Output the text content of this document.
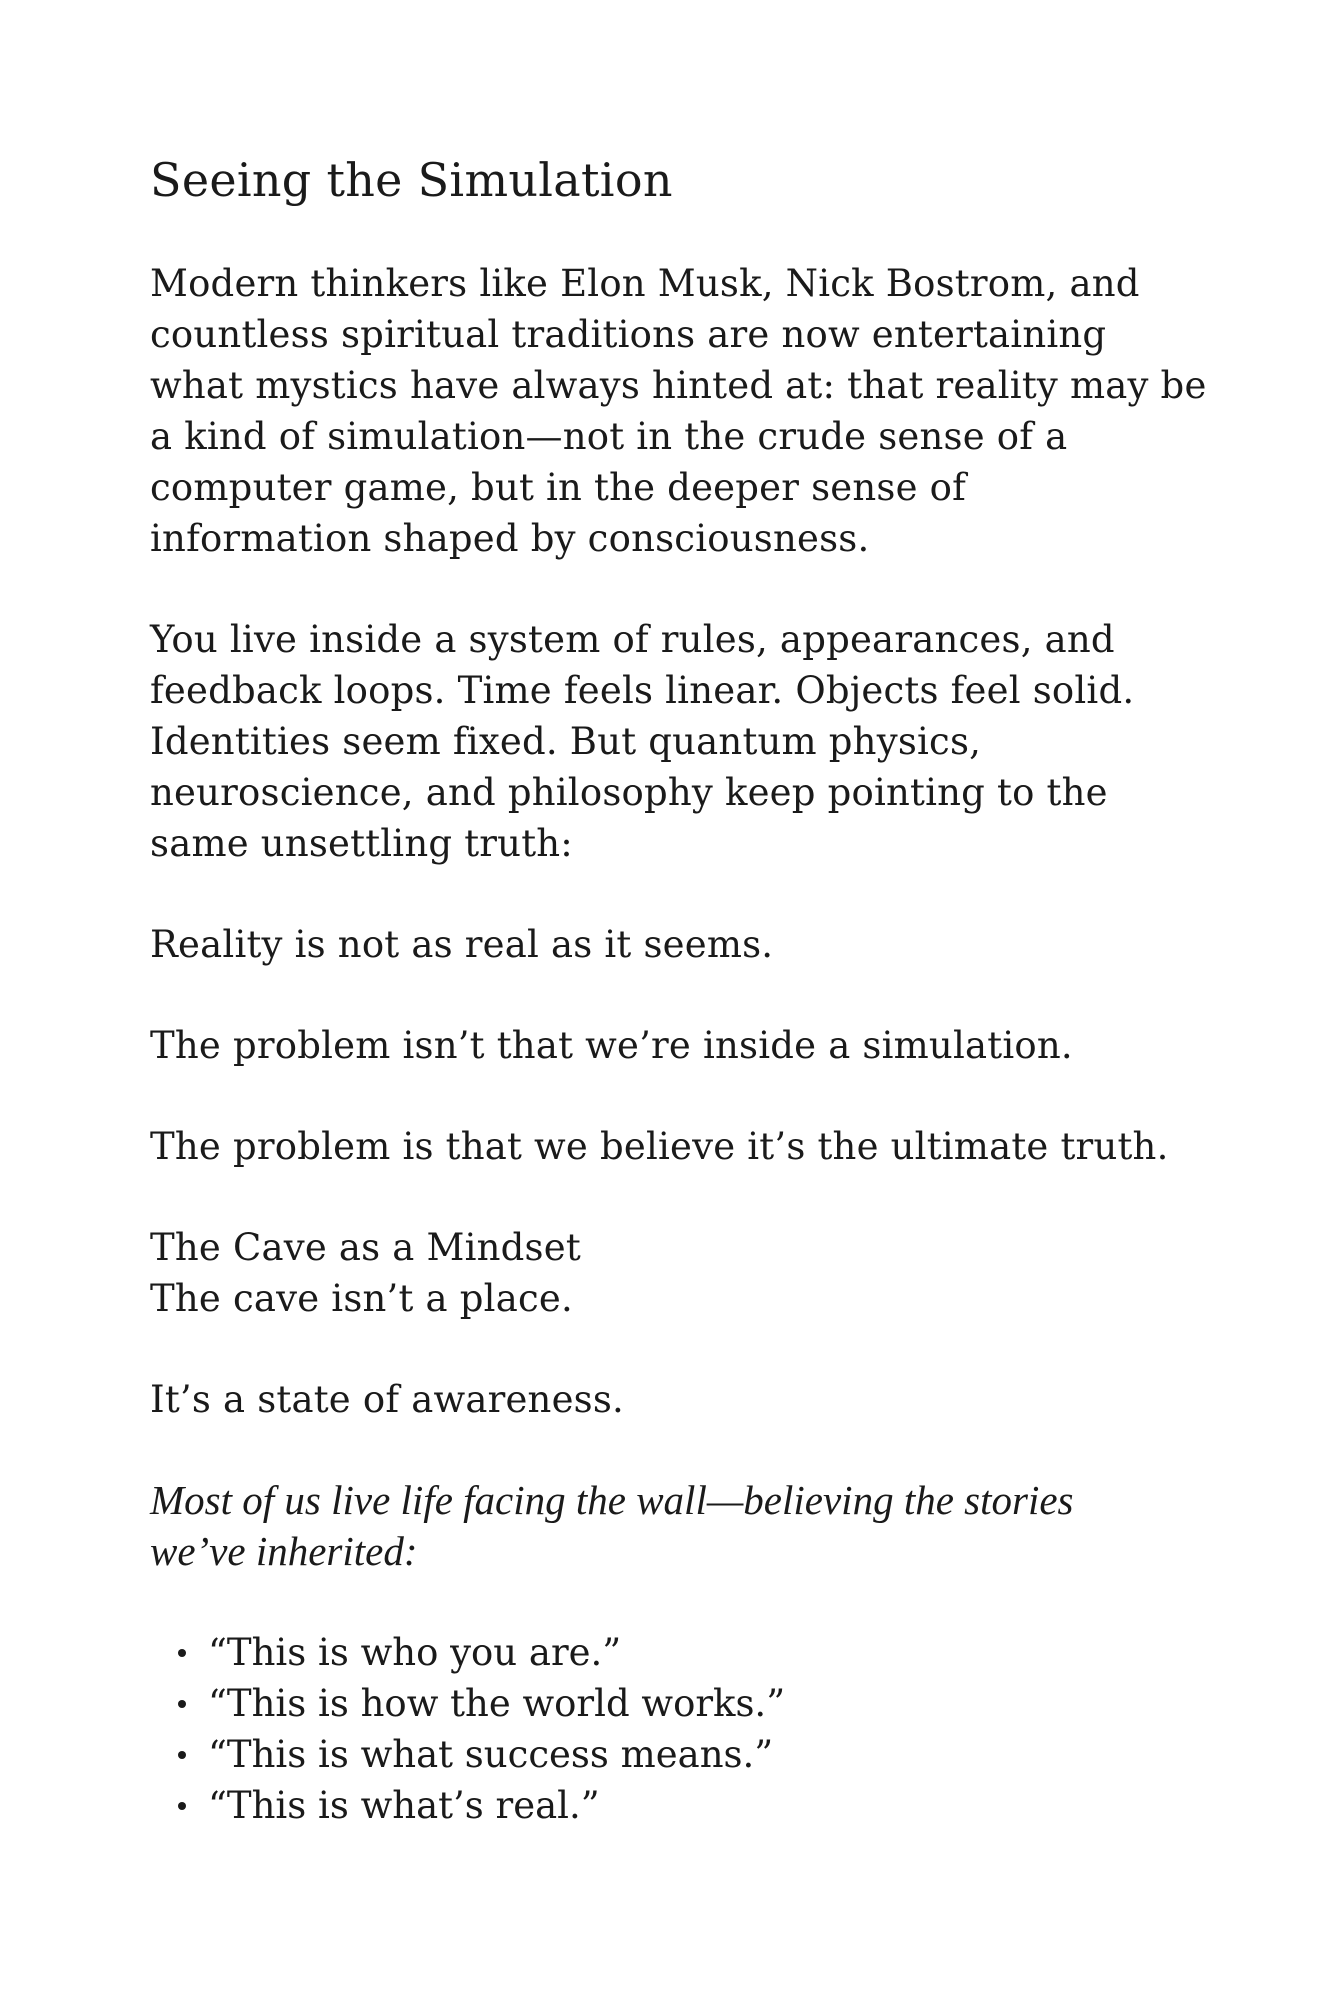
Seeing the Simulation
Modern thinkers like Elon Musk, Nick Bostrom, and
countless spiritual traditions are now entertaining
what mystics have always hinted at: that reality may be
a kind of simulation—not in the crude sense of a
computer game, but in the deeper sense of
information shaped by consciousness.
You live inside a system of rules, appearances, and
feedback loops. Time feels linear. Objects feel solid.
Identities seem fixed. But quantum physics,
neuroscience, and philosophy keep pointing to the
same unsettling truth:
Reality is not as real as it seems.
The problem isn’t that we’re inside a simulation.
The problem is that we believe it’s the ultimate truth.
The Cave as a Mindset
The cave isn’t a place.
It’s a state of awareness.
Most of us live life facing the wall—believing the stories
we’ve inherited:
“This is who you are.”
“This is how the world works.”
“This is what success means.”
“This is what’s real.”
